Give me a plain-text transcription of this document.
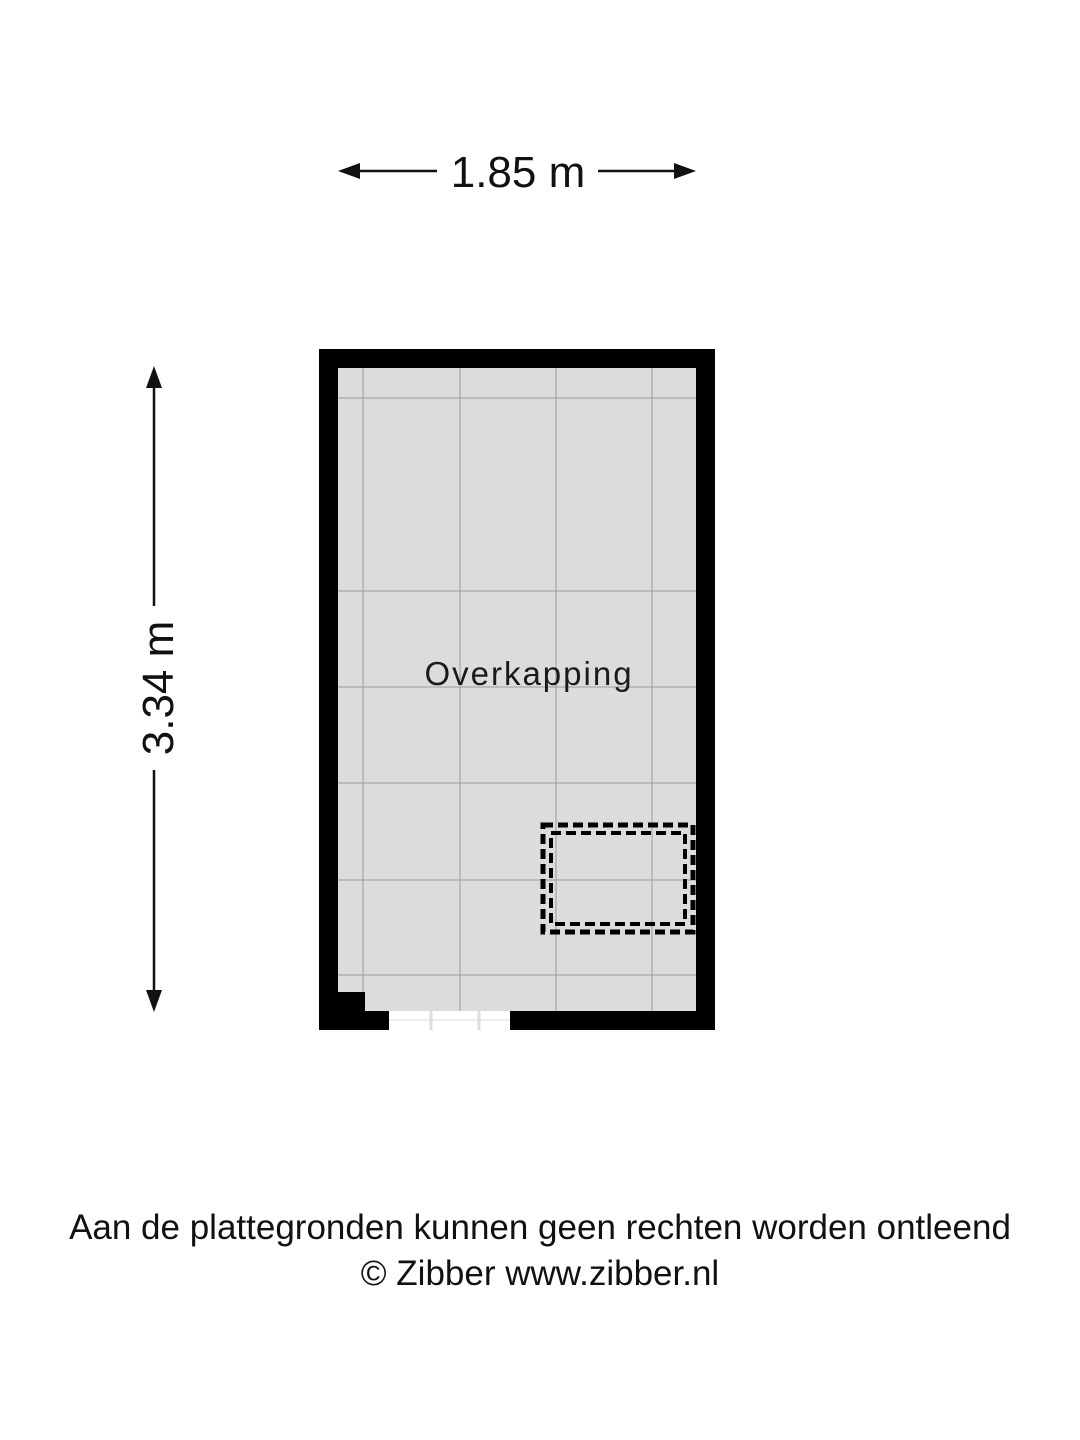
1.85 m
3.34 m	Overkapping
Aan de plattegronden kunnen geen rechten worden ontleend
© Zibber www.zibber.nl
